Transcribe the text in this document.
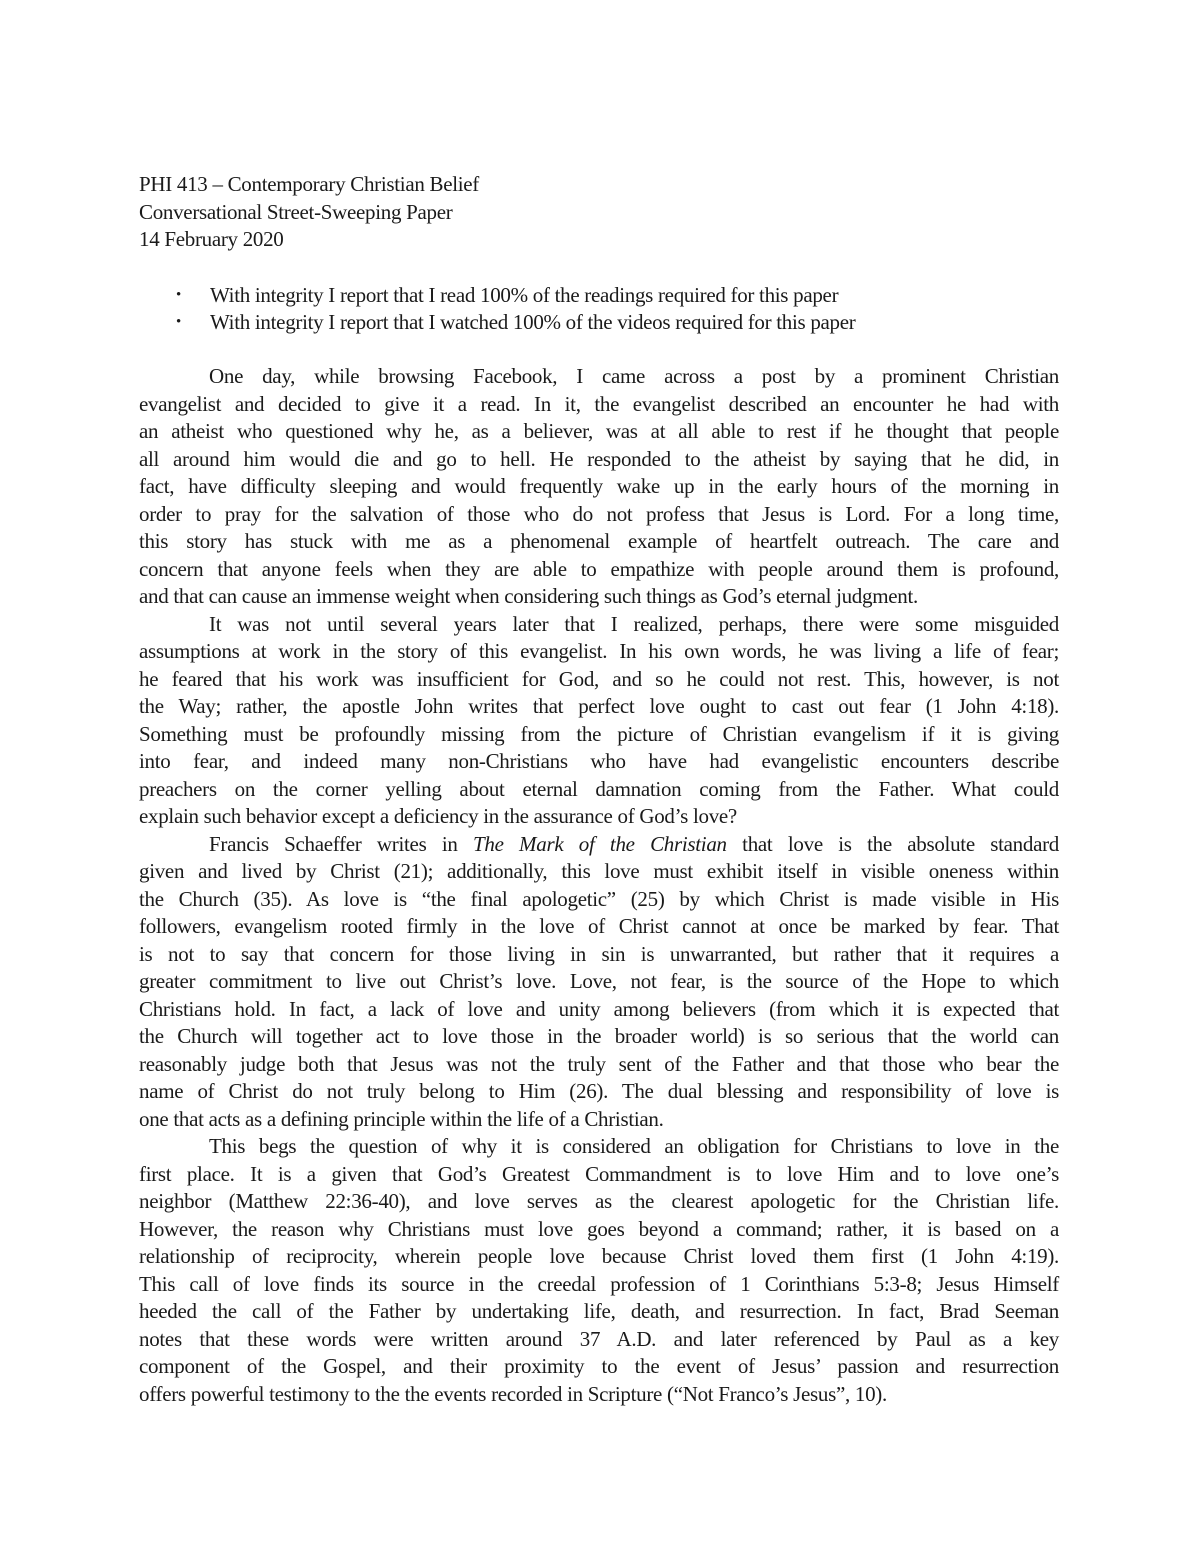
PHI 413 – Contemporary Christian Belief
Conversational Street-Sweeping Paper
14 February 2020
• With integrity I report that I read 100% of the readings required for this paper
• With integrity I report that I watched 100% of the videos required for this paper
One day, while browsing Facebook, I came across a post by a prominent Christian
evangelist and decided to give it a read. In it, the evangelist described an encounter he had with
an atheist who questioned why he, as a believer, was at all able to rest if he thought that people
all around him would die and go to hell. He responded to the atheist by saying that he did, in
fact, have difficulty sleeping and would frequently wake up in the early hours of the morning in
order to pray for the salvation of those who do not profess that Jesus is Lord. For a long time,
this story has stuck with me as a phenomenal example of heartfelt outreach. The care and
concern that anyone feels when they are able to empathize with people around them is profound,
and that can cause an immense weight when considering such things as God’s eternal judgment.
It was not until several years later that I realized, perhaps, there were some misguided
assumptions at work in the story of this evangelist. In his own words, he was living a life of fear;
he feared that his work was insufficient for God, and so he could not rest. This, however, is not
the Way; rather, the apostle John writes that perfect love ought to cast out fear (1 John 4:18).
Something must be profoundly missing from the picture of Christian evangelism if it is giving
into fear, and indeed many non-Christians who have had evangelistic encounters describe
preachers on the corner yelling about eternal damnation coming from the Father. What could
explain such behavior except a deficiency in the assurance of God’s love?
Francis Schaeffer writes in The Mark of the Christian that love is the absolute standard
given and lived by Christ (21); additionally, this love must exhibit itself in visible oneness within
the Church (35). As love is “the final apologetic” (25) by which Christ is made visible in His
followers, evangelism rooted firmly in the love of Christ cannot at once be marked by fear. That
is not to say that concern for those living in sin is unwarranted, but rather that it requires a
greater commitment to live out Christ’s love. Love, not fear, is the source of the Hope to which
Christians hold. In fact, a lack of love and unity among believers (from which it is expected that
the Church will together act to love those in the broader world) is so serious that the world can
reasonably judge both that Jesus was not the truly sent of the Father and that those who bear the
name of Christ do not truly belong to Him (26). The dual blessing and responsibility of love is
one that acts as a defining principle within the life of a Christian.
This begs the question of why it is considered an obligation for Christians to love in the
first place. It is a given that God’s Greatest Commandment is to love Him and to love one’s
neighbor (Matthew 22:36-40), and love serves as the clearest apologetic for the Christian life.
However, the reason why Christians must love goes beyond a command; rather, it is based on a
relationship of reciprocity, wherein people love because Christ loved them first (1 John 4:19).
This call of love finds its source in the creedal profession of 1 Corinthians 5:3-8; Jesus Himself
heeded the call of the Father by undertaking life, death, and resurrection. In fact, Brad Seeman
notes that these words were written around 37 A.D. and later referenced by Paul as a key
component of the Gospel, and their proximity to the event of Jesus’ passion and resurrection
offers powerful testimony to the the events recorded in Scripture (“Not Franco’s Jesus”, 10).
